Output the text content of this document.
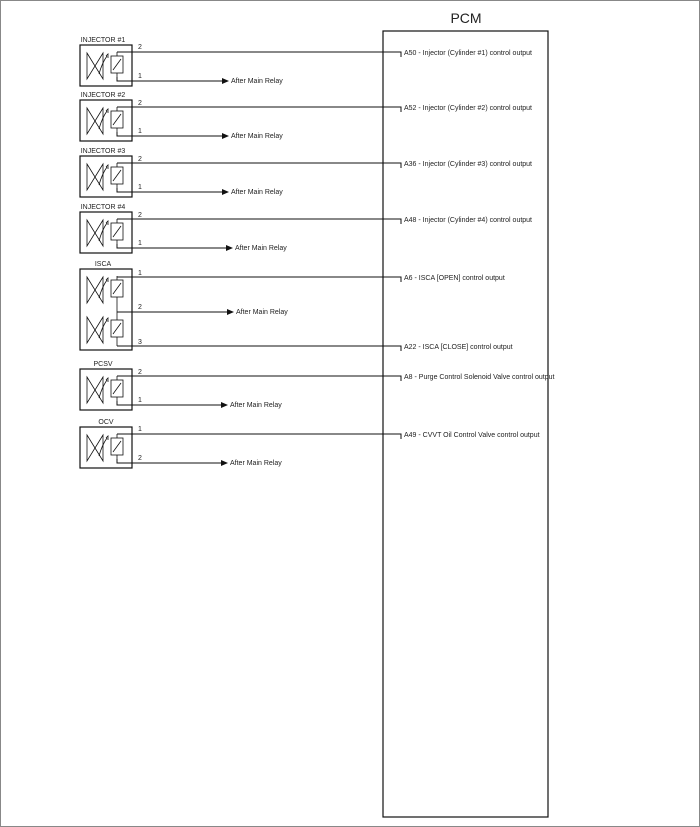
PCM
INJECTOR #1
2
A50 - Injector (Cylinder #1) control output
1
After Main Relay
INJECTOR #2
2
A52 - Injector (Cylinder #2) control output
1
After Main Relay
INJECTOR #3
2
A36 - Injector (Cylinder #3) control output
1
After Main Relay
INJECTOR #4
2
A48 - Injector (Cylinder #4) control output
1
After Main Relay
ISCA
1
A6 - ISCA [OPEN] control output
2
After Main Relay
3
A22 - ISCA [CLOSE] control output
PCSV
2
A8 - Purge Control Solenoid Valve control output
1
After Main Relay
OCV
1
A49 - CVVT Oil Control Valve control output
2
After Main Relay
